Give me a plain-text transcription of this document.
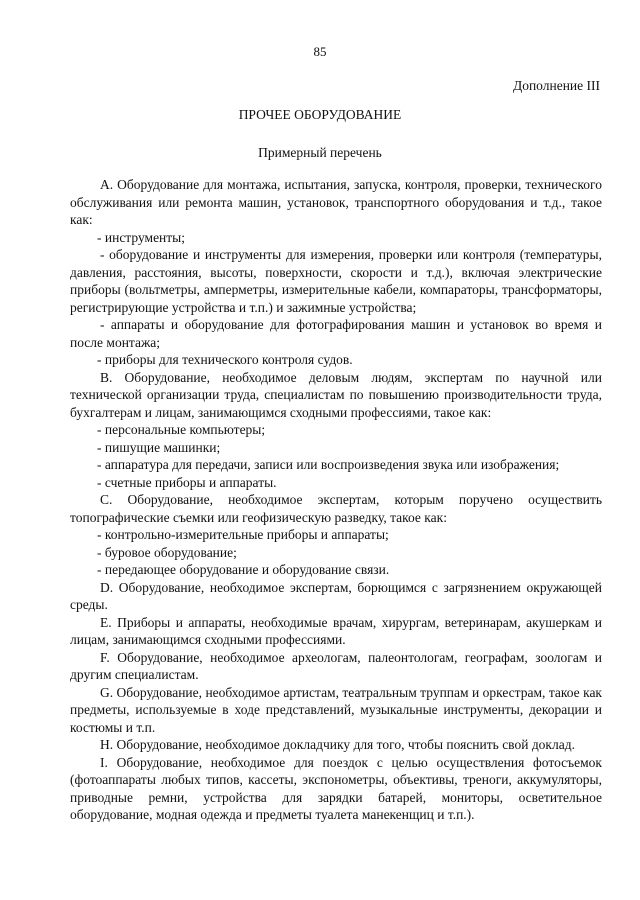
85
Дополнение III
ПРОЧЕЕ ОБОРУДОВАНИЕ
Примерный перечень

А. Оборудование для монтажа, испытания, запуска, контроля, проверки, технического обслуживания или ремонта машин, установок, транспортного оборудования и т.д., такое как:

- инструменты;

- оборудование и инструменты для измерения, проверки или контроля (температуры, давления, расстояния, высоты, поверхности, скорости и т.д.), включая электрические приборы (вольтметры, амперметры, измерительные кабели, компараторы, трансформаторы, регистрирующие устройства и т.п.) и зажимные устройства;

- аппараты и оборудование для фотографирования машин и установок во время и после монтажа;

- приборы для технического контроля судов.

В. Оборудование, необходимое деловым людям, экспертам по научной или технической организации труда, специалистам по повышению производительности труда, бухгалтерам и лицам, занимающимся сходными профессиями, такое как:

- персональные компьютеры;

- пишущие машинки;

- аппаратура для передачи, записи или воспроизведения звука или изображения;

- счетные приборы и аппараты.

С. Оборудование, необходимое экспертам, которым поручено осуществить топографические съемки или геофизическую разведку, такое как:

- контрольно-измерительные приборы и аппараты;

- буровое оборудование;

- передающее оборудование и оборудование связи.

D. Оборудование, необходимое экспертам, борющимся с загрязнением окружающей среды.

Е. Приборы и аппараты, необходимые врачам, хирургам, ветеринарам, акушеркам и лицам, занимающимся сходными профессиями.

F. Оборудование, необходимое археологам, палеонтологам, географам, зоологам и другим специалистам.

G. Оборудование, необходимое артистам, театральным труппам и оркестрам, такое как предметы, используемые в ходе представлений, музыкальные инструменты, декорации и костюмы и т.п.

Н. Оборудование, необходимое докладчику для того, чтобы пояснить свой доклад.

I. Оборудование, необходимое для поездок с целью осуществления фотосъемок (фотоаппараты любых типов, кассеты, экспонометры, объективы, треноги, аккумуляторы, приводные ремни, устройства для зарядки батарей, мониторы, осветительное оборудование, модная одежда и предметы туалета манекенщиц и т.п.).
